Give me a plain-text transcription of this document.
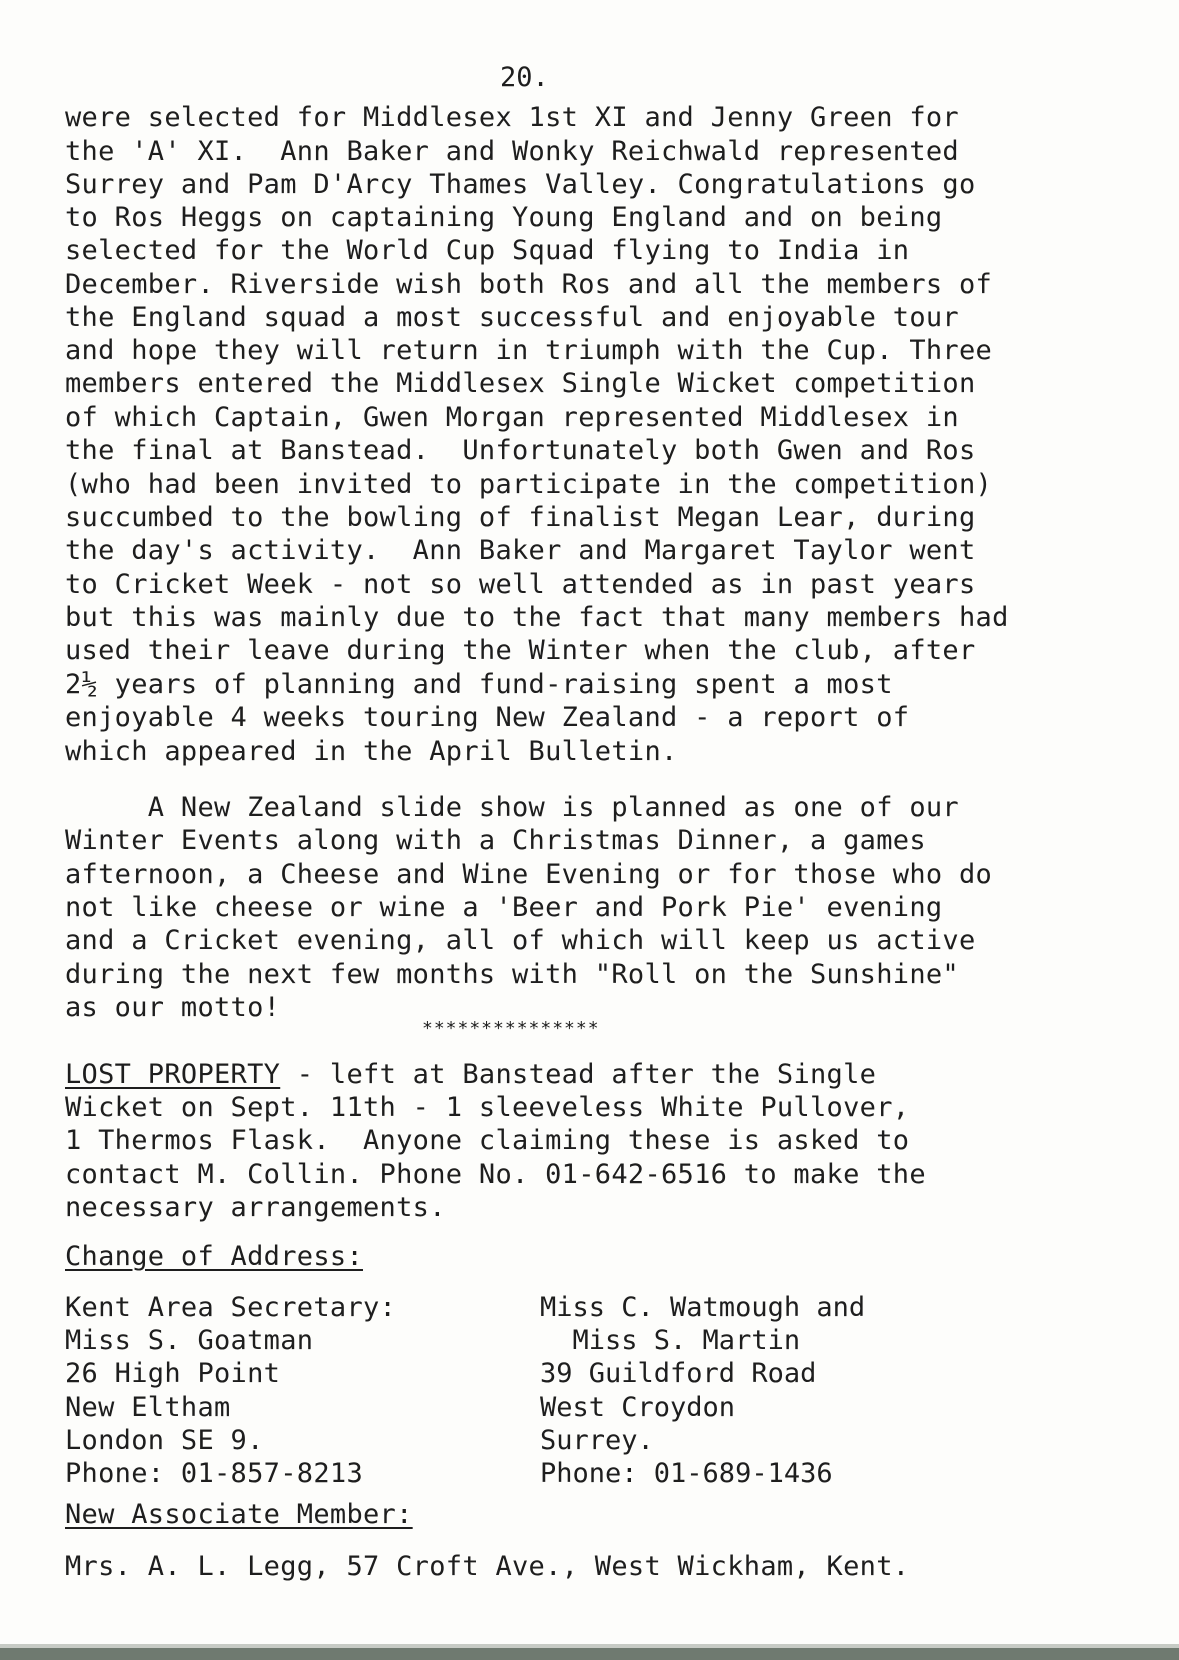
20.
were selected for Middlesex 1st XI and Jenny Green for
the 'A' XI.  Ann Baker and Wonky Reichwald represented
Surrey and Pam D'Arcy Thames Valley. Congratulations go
to Ros Heggs on captaining Young England and on being
selected for the World Cup Squad flying to India in
December. Riverside wish both Ros and all the members of
the England squad a most successful and enjoyable tour
and hope they will return in triumph with the Cup. Three
members entered the Middlesex Single Wicket competition
of which Captain, Gwen Morgan represented Middlesex in
the final at Banstead.  Unfortunately both Gwen and Ros
(who had been invited to participate in the competition)
succumbed to the bowling of finalist Megan Lear, during
the day's activity.  Ann Baker and Margaret Taylor went
to Cricket Week - not so well attended as in past years
but this was mainly due to the fact that many members had
used their leave during the Winter when the club, after
2½ years of planning and fund-raising spent a most
enjoyable 4 weeks touring New Zealand - a report of
which appeared in the April Bulletin.
A New Zealand slide show is planned as one of our
Winter Events along with a Christmas Dinner, a games
afternoon, a Cheese and Wine Evening or for those who do
not like cheese or wine a 'Beer and Pork Pie' evening
and a Cricket evening, all of which will keep us active
during the next few months with "Roll on the Sunshine"
as our motto!
***************
LOST PROPERTY - left at Banstead after the Single
Wicket on Sept. 11th - 1 sleeveless White Pullover,
1 Thermos Flask.  Anyone claiming these is asked to
contact M. Collin. Phone No. 01-642-6516 to make the
necessary arrangements.
Change of Address:
Kent Area Secretary:
Miss S. Goatman
26 High Point
New Eltham
London SE 9.
Phone: 01-857-8213
Miss C. Watmough and
Miss S. Martin
39 Guildford Road
West Croydon
Surrey.
Phone: 01-689-1436
New Associate Member:
Mrs. A. L. Legg, 57 Croft Ave., West Wickham, Kent.
